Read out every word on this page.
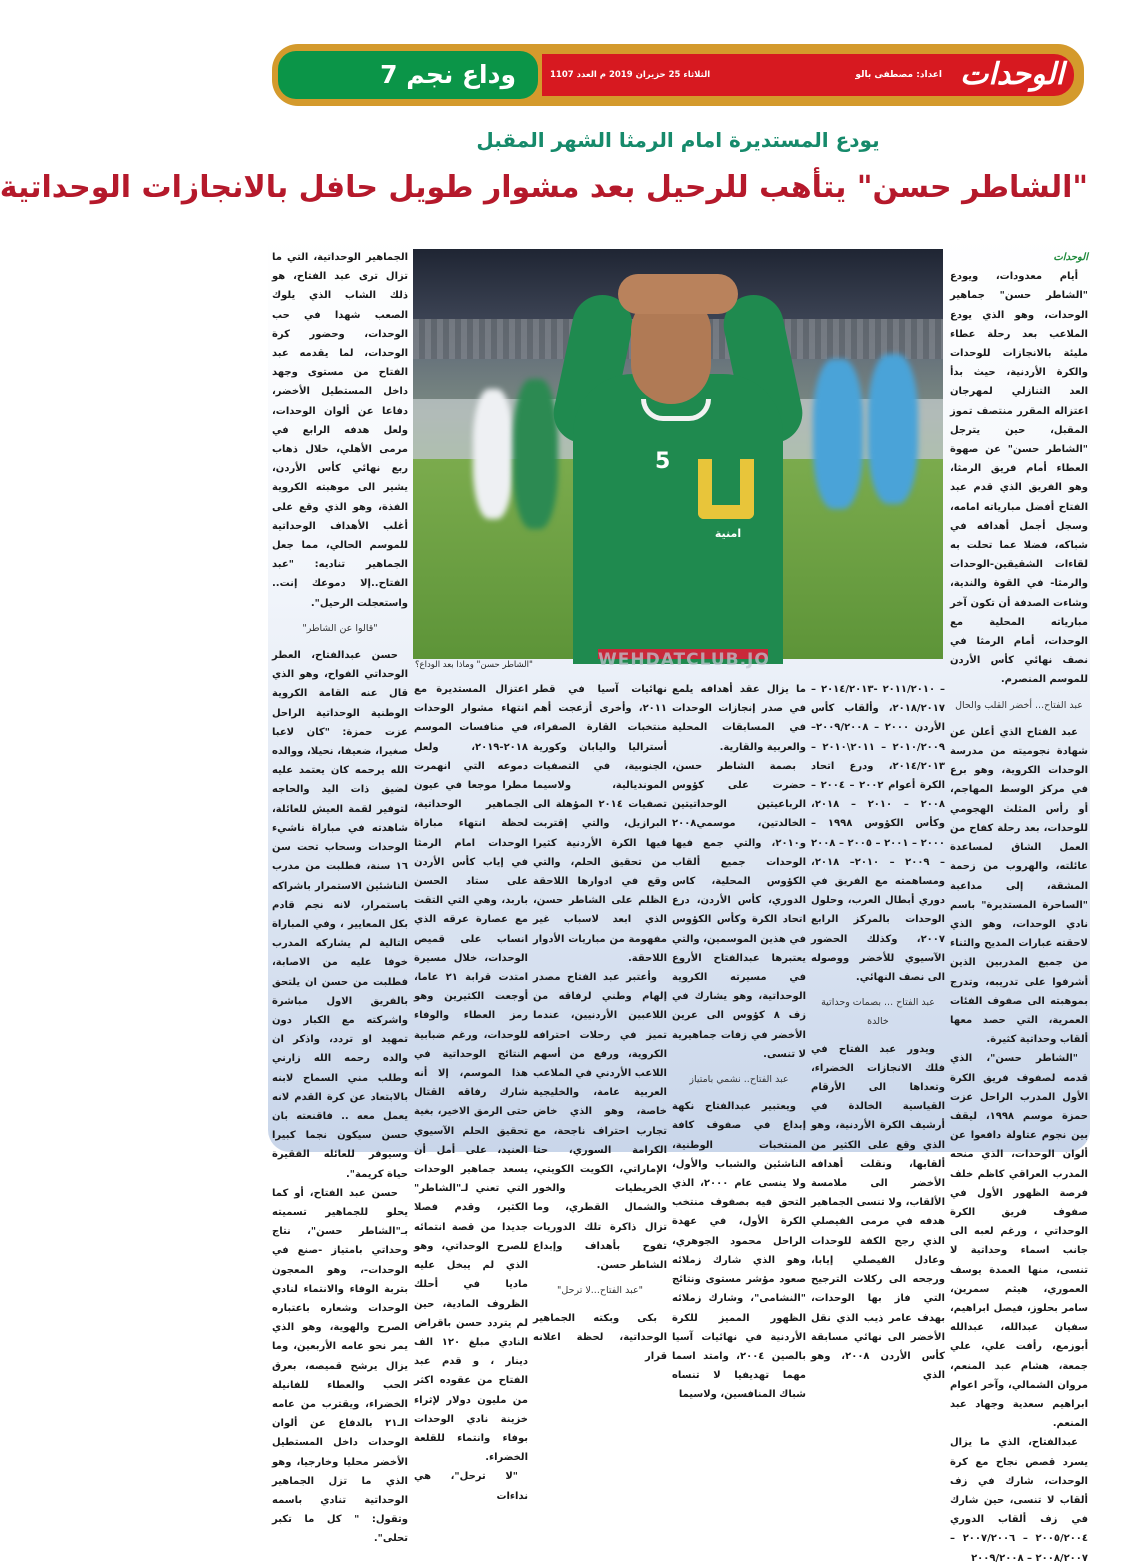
الوحدات
اعداد: مصطفى بالو
الثلاثاء 25 حزيران 2019 م العدد 1107
وداع نجم 7
يودع المستديرة امام الرمثا الشهر المقبل
"الشاطر حسن" يتأهب للرحيل بعد مشوار طويل حافل بالانجازات الوحداتية

الوحدات

أيام معدودات، ويودع "الشاطر حسن" جماهير الوحدات، وهو الذي يودع الملاعب بعد رحلة عطاء مليئة بالانجازات للوحدات والكرة الأردنية، حيث بدأ العد التنازلي لمهرجان اعتزاله المقرر منتصف تموز المقبل، حين يترجل "الشاطر حسن" عن صهوة العطاء أمام فريق الرمثا، وهو الفريق الذي قدم عبد الفتاح أفضل مبارياته امامه، وسجل أجمل أهدافه في شباكه، فضلا عما تحلت به لقاءات الشقيقين-الوحدات والرمثا- في القوة والندية، وشاءت الصدفة أن تكون آخر مبارياته المحلية مع الوحدات، أمام الرمثا في نصف نهائي كأس الأردن للموسم المنصرم.

عبد الفتاح... أخضر القلب والحال

عبد الفتاح الذي أعلن عن شهادة نجوميته من مدرسة الوحدات الكروية، وهو برع في مركز الوسط المهاجم، أو رأس المثلث الهجومي للوحدات، بعد رحلة كفاح من العمل الشاق لمساعدة عائلته، والهروب من زحمة المشقة، إلى مداعبة "الساحرة المستديرة" باسم نادي الوحدات، وهو الذي لاحقته عبارات المديح والثناء من جميع المدربين الذين أشرفوا على تدريبه، وتدرج بموهبته الى صفوف الفئات العمرية، التي حصد معها ألقاب وحداتية كثيرة.

"الشاطر حسن"، الذي قدمه لصفوف فريق الكرة الأول المدرب الراحل عزت حمزة موسم ١٩٩٨، ليقف بين نجوم عتاولة دافعوا عن ألوان الوحدات، الذي منحه المدرب العراقي كاظم خلف فرصة الظهور الأول في صفوف فريق الكرة الوحداتي ، ورغم لعبه الى جانب اسماء وحداتية لا تنسى، منها العمدة يوسف العموري، هيثم سمرين، سامر بحلوز، فيصل ابراهيم، سفيان عبدالله، عبدالله أبوزمع، رأفت علي، علي جمعة، هشام عبد المنعم، مروان الشمالي، وآخر اعوام ابراهيم سعدية وجهاد عبد المنعم.

عبدالفتاح، الذي ما يزال يسرد قصص نجاح مع كرة الوحدات، شارك في زف ألقاب لا تنسى، حين شارك في زف ألقاب الدوري ٢٠٠٥/٢٠٠٤ – ٢٠٠٧/٢٠٠٦ – ٢٠٠٨/٢٠٠٧ – ٢٠٠٩/٢٠٠٨

5
امنية
"الشاطر حسن" وماذا بعد الوداع؟	WEHDATCLUB.JO

الجماهير الوحداتية، التي ما تزال ترى عبد الفتاح، هو ذلك الشاب الذي يلوك الصعب شهدا في حب الوحدات، وحضور كرة الوحدات، لما يقدمه عبد الفتاح من مستوى وجهد داخل المستطيل الأخضر، دفاعا عن ألوان الوحدات، ولعل هدفه الرابع في مرمى الأهلي، خلال ذهاب ربع نهائي كأس الأردن، يشير الى موهبته الكروية الفذة، وهو الذي وقع على أغلب الأهداف الوحداتية للموسم الحالي، مما جعل الجماهير تناديه: "عبد الفتاح..إلا دموعك إنت.. واستعجلت الرحيل".

"قالوا عن الشاطر"

حسن عبدالفتاح، العطر الوحداتي الفواح، وهو الذي قال عنه القامة الكروية الوطنية الوحداتية الراحل عزت حمزة: "كان لاعبا صغيرا، ضعيفا، نحيلا، ووالده الله يرحمه كان يعتمد عليه لضيق ذات اليد والحاجه لتوفير لقمة العيش للعائلة، شاهدته في مباراة ناشيء الوحدات وسحاب تحت سن ١٦ سنة، فطلبت من مدرب الناشئين الاستمرار باشراكه باستمرار، لانه نجم قادم بكل المعايير ، وفي المباراة التالية لم يشاركه المدرب خوفا عليه من الاصابة، فطلبت من حسن ان يلتحق بالفريق الاول مباشرة واشركته مع الكبار دون تمهيد او تردد، واذكر ان والده رحمه الله زارني وطلب مني السماح لابنه بالابتعاد عن كرة القدم لانه يعمل معه .. فاقنعته بان حسن سيكون نجما كبيرا وسيوفر للعائله الفقيرة حياة كريمة".

حسن عبد الفتاح، أو كما يحلو للجماهير تسميته بـ"الشاطر حسن"، نتاج وحداتي بامتياز -صنع في الوحدات-، وهو المعجون بتربة الوفاء والانتماء لنادي الوحدات وشعاره باعتباره الصرح والهوية، وهو الذي يمر نحو عامه الأربعين، وما يزال يرشح قميصه، بعرق الحب والعطاء للفانيلة الخضراء، ويقترب من عامه الـ٢١ بالدفاع عن ألوان الوحدات داخل المستطيل الأخضر محليا وخارجيا، وهو الذي ما تزل الجماهير الوحداتية تنادي باسمه وتقول: " كل ما تكبر تحلى".

– ٢٠١١/٢٠١٠ -٢٠١٤/٢٠١٣ – ٢٠١٨/٢٠١٧، وألقاب كأس الأردن ٢٠٠٠ – ٢٠٠٩/٢٠٠٨– ٢٠١٠/٢٠٠٩ – ٢٠١١\٢٠١٠ – ٢٠١٤/٢٠١٣، ودرع اتحاد الكرة أعوام ٢٠٠٢ – ٢٠٠٤ – ٢٠٠٨ – ٢٠١٠ – ٢٠١٨، وكأس الكؤوس ١٩٩٨ – ٢٠٠٠ – ٢٠٠١ – ٢٠٠٥ – ٢٠٠٨ – ٢٠٠٩ – ٢٠١٠– ٢٠١٨، ومساهمته مع الفريق في دوري أبطال العرب، وحلول الوحدات بالمركز الرابع ٢٠٠٧، وكذلك الحضور الآسيوي للأخضر ووصوله الى نصف النهائي.

عبد الفتاح ... بصمات وحداتية خالدة

ويدور عبد الفتاح في فلك الانجازات الخضراء، وتعداها الى الأرقام القياسية الخالدة في أرشيف الكرة الأردنية، وهو الذي وقع على الكثير من ألقابها، ونقلت أهدافه الأخضر الى ملامسة الألقاب، ولا تنسى الجماهير هدفه في مرمى الفيصلي الذي رجح الكفة للوحدات وعادل الفيصلي إيابا، ورجحه الى ركلات الترجيح التي فاز بها الوحدات، بهدف عامر ذيب الذي نقل الأخضر الى نهائي مسابقة كأس الأردن ٢٠٠٨، وهو الذي

ما يزال عقد أهدافه يلمع في صدر إنجازات الوحدات في المسابقات المحلية والعربية والقارية.

بصمة الشاطر حسن، حضرت على كؤوس الرباعيتين الوحداتيتين الخالدتين، موسمي٢٠٠٨ و٢٠١٠، والتي جمع فيها الوحدات جميع ألقاب الكؤوس المحلية، كاس الدوري، كأس الأردن، درع اتحاد الكرة وكأس الكؤوس في هذين الموسمين، والتي يعتبرها عبدالفتاح الأروع في مسيرته الكروية الوحداتية، وهو يشارك في زف ٨ كؤوس الى عرين الأخضر في زفات جماهيرية لا تنسى.

عبد الفتاح.. نشمي بامتياز

ويعتبير عبدالفتاح نكهة إبداع في صفوف كافة المنتخبات الوطنية، الناشئين والشباب والأول، ولا ينسى عام ٢٠٠٠، الذي التحق فيه بصفوف منتخب الكرة الأول، في عهدة الراحل محمود الجوهري، وهو الذي شارك زملائه صعود مؤشر مستوى ونتائج "النشامى"، وشارك زملائه الظهور المميز للكرة الأردنية في نهائيات آسيا بالصين ٢٠٠٤، وامتد اسما مهما تهديفيا لا تنساه شباك المنافسين، ولاسيما

نهائيات آسيا في قطر ٢٠١١، وأخرى أزعجت أهم منتخبات القارة الصفراء، أستراليا واليابان وكورية الجنوبية، في التصفيات المونديالية، ولاسيما تصفيات ٢٠١٤ المؤهلة الى البرازيل، والتي إقتربت فيها الكرة الأردنية كثيرا من تحقيق الحلم، والتي وقع في ادوارها اللاحقة الظلم على الشاطر حسن، الذي ابعد لاسباب غير مفهومة من مباريات الأدوار اللاحقة.

وأعتبر عبد الفتاح مصدر إلهام وطني لرفاقه من اللاعبين الأردنيين، عندما تميز في رحلات احترافه الكروية، ورفع من أسهم اللاعب الأردني في الملاعب العربية عامة، والخليجية خاصة، وهو الذي خاض تجارب احتراف ناجحة، مع الكرامة السوري، حتا الإماراتي، الكويت الكويتي، الخريطيات والخور والشمال القطري، وما تزال ذاكرة تلك الدوريات تفوح بأهداف وإبداع الشاطر حسن.

"عبد الفتاح...لا ترحل"

بكى وبكته الجماهير الوحداتية، لحظة اعلانه قرار

اعتزال المستديرة مع انتهاء مشوار الوحدات في منافسات الموسم ٢٠١٨-٢٠١٩، ولعل دموعه التي انهمرت مطرا موجعا في عيون الجماهير الوحداتية، لحظة انتهاء مباراة الوحدات امام الرمثا في إياب كأس الأردن على ستاد الحسن باربد، وهي التي التقت مع عصارة عرقه الذي انساب على قميص الوحدات، خلال مسيرة امتدت قرابة ٢١ عاما، أوجعت الكثيرين وهو رمز العطاء والوفاء للوحدات، ورغم ضبابية النتائج الوحداتية في هذا الموسم، إلا أنه شارك رفاقه القتال حتى الرمق الاخير، بغية تحقيق الحلم الآسيوي العنيد، على أمل أن يسعد جماهير الوحدات التي تعني لـ"الشاطر" الكثير، وقدم فصلا جديدا من قصة انتمائه للصرح الوحداتي، وهو الذي لم يبخل عليه ماديا في أحلك الظروف المادية، حين لم يتردد حسن باقراض النادي مبلغ ١٢٠ الف دينار ، و قدم عبد الفتاح من عقوده اكثر من مليون دولار لإثراء خزينة نادي الوحدات بوفاء وانتماء للقلعة الخضراء.

"لا ترحل"، هي نداءات
